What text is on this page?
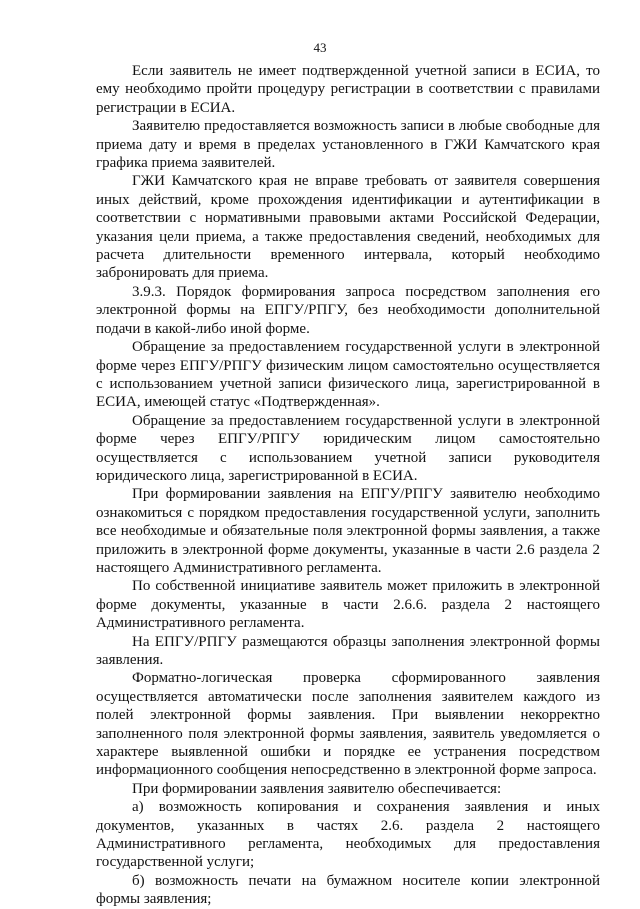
43

Если заявитель не имеет подтвержденной учетной записи в ЕСИА, то ему необходимо пройти процедуру регистрации в соответствии с правилами регистрации в ЕСИА.

Заявителю предоставляется возможность записи в любые свободные для приема дату и время в пределах установленного в ГЖИ Камчатского края графика приема заявителей.

ГЖИ Камчатского края не вправе требовать от заявителя совершения иных действий, кроме прохождения идентификации и аутентификации в соответствии с нормативными правовыми актами Российской Федерации, указания цели приема, а также предоставления сведений, необходимых для расчета длительности временного интервала, который необходимо забронировать для приема.

3.9.3. Порядок формирования запроса посредством заполнения его электронной формы на ЕПГУ/РПГУ, без необходимости дополнительной подачи в какой-либо иной форме.

Обращение за предоставлением государственной услуги в электронной форме через ЕПГУ/РПГУ физическим лицом самостоятельно осуществляется с использованием учетной записи физического лица, зарегистрированной в ЕСИА, имеющей статус «Подтвержденная».

Обращение за предоставлением государственной услуги в электронной форме через ЕПГУ/РПГУ юридическим лицом самостоятельно осуществляется с использованием учетной записи руководителя юридического лица, зарегистрированной в ЕСИА.

При формировании заявления на ЕПГУ/РПГУ заявителю необходимо ознакомиться с порядком предоставления государственной услуги, заполнить все необходимые и обязательные поля электронной формы заявления, а также приложить в электронной форме документы, указанные в части 2.6 раздела 2 настоящего Административного регламента.

По собственной инициативе заявитель может приложить в электронной форме документы, указанные в части 2.6.6. раздела 2 настоящего Административного регламента.

На ЕПГУ/РПГУ размещаются образцы заполнения электронной формы заявления.

Форматно-логическая проверка сформированного заявления осуществляется автоматически после заполнения заявителем каждого из полей электронной формы заявления. При выявлении некорректно заполненного поля электронной формы заявления, заявитель уведомляется о характере выявленной ошибки и порядке ее устранения посредством информационного сообщения непосредственно в электронной форме запроса.

При формировании заявления заявителю обеспечивается:

а) возможность копирования и сохранения заявления и иных документов, указанных в частях 2.6. раздела 2 настоящего Административного регламента, необходимых для предоставления государственной услуги;

б) возможность печати на бумажном носителе копии электронной формы заявления;
